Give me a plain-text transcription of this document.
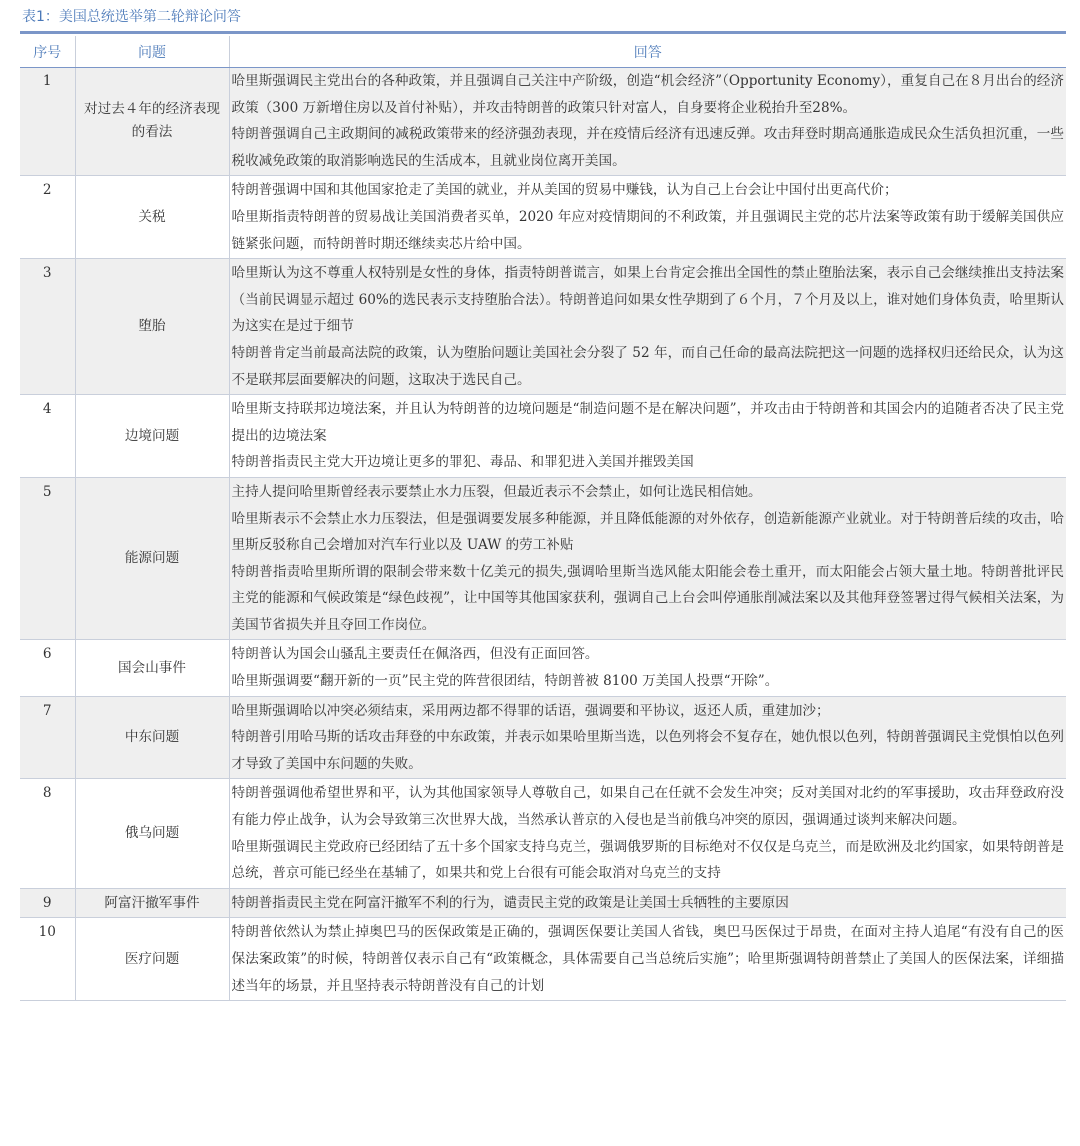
表1：美国总统选举第二轮辩论问答
序号	问题	回答
1	对过去４年的经济表现的看法	哈里斯强调民主党出台的各种政策，并且强调自己关注中产阶级，创造“机会经济”（Opportunity Economy），重复自己在８月出台的经济政策（300 万新增住房以及首付补贴），并攻击特朗普的政策只针对富人，自身要将企业税抬升至28%。

特朗普强调自己主政期间的减税政策带来的经济强劲表现，并在疫情后经济有迅速反弹。攻击拜登时期高通胀造成民众生活负担沉重，一些税收减免政策的取消影响选民的生活成本，且就业岗位离开美国。

2	关税	特朗普强调中国和其他国家抢走了美国的就业，并从美国的贸易中赚钱，认为自己上台会让中国付出更高代价；

哈里斯指责特朗普的贸易战让美国消费者买单，2020 年应对疫情期间的不利政策，并且强调民主党的芯片法案等政策有助于缓解美国供应链紧张问题，而特朗普时期还继续卖芯片给中国。

3	堕胎	哈里斯认为这不尊重人权特别是女性的身体，指责特朗普谎言，如果上台肯定会推出全国性的禁止堕胎法案，表示自己会继续推出支持法案（当前民调显示超过 60%的选民表示支持堕胎合法）。特朗普追问如果女性孕期到了６个月，７个月及以上，谁对她们身体负责，哈里斯认为这实在是过于细节

特朗普肯定当前最高法院的政策，认为堕胎问题让美国社会分裂了 52 年，而自己任命的最高法院把这一问题的选择权归还给民众，认为这不是联邦层面要解决的问题，这取决于选民自己。

4	边境问题	哈里斯支持联邦边境法案，并且认为特朗普的边境问题是“制造问题不是在解决问题”，并攻击由于特朗普和其国会内的追随者否决了民主党提出的边境法案

特朗普指责民主党大开边境让更多的罪犯、毒品、和罪犯进入美国并摧毁美国

5	能源问题	主持人提问哈里斯曾经表示要禁止水力压裂，但最近表示不会禁止，如何让选民相信她。

哈里斯表示不会禁止水力压裂法，但是强调要发展多种能源，并且降低能源的对外依存，创造新能源产业就业。对于特朗普后续的攻击，哈里斯反驳称自己会增加对汽车行业以及 UAW 的劳工补贴

特朗普指责哈里斯所谓的限制会带来数十亿美元的损失,强调哈里斯当选风能太阳能会卷土重开，而太阳能会占领大量土地。特朗普批评民主党的能源和气候政策是“绿色歧视”，让中国等其他国家获利，强调自己上台会叫停通胀削减法案以及其他拜登签署过得气候相关法案，为美国节省损失并且夺回工作岗位。

6	国会山事件	特朗普认为国会山骚乱主要责任在佩洛西，但没有正面回答。

哈里斯强调要“翻开新的一页”民主党的阵营很团结，特朗普被 8100 万美国人投票“开除”。

7	中东问题	哈里斯强调哈以冲突必须结束，采用两边都不得罪的话语，强调要和平协议，返还人质，重建加沙；

特朗普引用哈马斯的话攻击拜登的中东政策，并表示如果哈里斯当选，以色列将会不复存在，她仇恨以色列，特朗普强调民主党惧怕以色列才导致了美国中东问题的失败。

8	俄乌问题	特朗普强调他希望世界和平，认为其他国家领导人尊敬自己，如果自己在任就不会发生冲突；反对美国对北约的军事援助，攻击拜登政府没有能力停止战争，认为会导致第三次世界大战，当然承认普京的入侵也是当前俄乌冲突的原因，强调通过谈判来解决问题。

哈里斯强调民主党政府已经团结了五十多个国家支持乌克兰，强调俄罗斯的目标绝对不仅仅是乌克兰，而是欧洲及北约国家，如果特朗普是总统，普京可能已经坐在基辅了，如果共和党上台很有可能会取消对乌克兰的支持

9	阿富汗撤军事件	特朗普指责民主党在阿富汗撤军不利的行为，谴责民主党的政策是让美国士兵牺牲的主要原因

10	医疗问题	特朗普依然认为禁止掉奥巴马的医保政策是正确的，强调医保要让美国人省钱，奥巴马医保过于昂贵，在面对主持人追尾“有没有自己的医保法案政策”的时候，特朗普仅表示自己有“政策概念，具体需要自己当总统后实施”；哈里斯强调特朗普禁止了美国人的医保法案，详细描述当年的场景，并且坚持表示特朗普没有自己的计划
